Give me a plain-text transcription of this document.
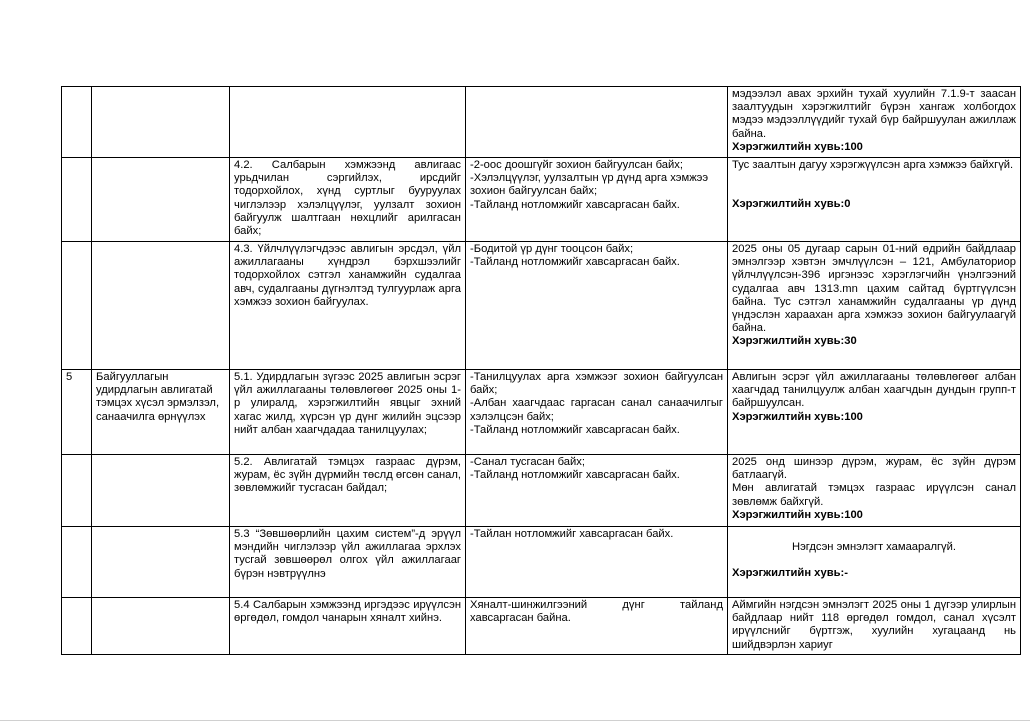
				мэдээлэл авах эрхийн тухай хуулийн 7.1.9-т заасан заалтуудын хэрэгжилтийг бүрэн хангаж холбогдох мэдээ мэдээллүүдийг тухай бүр байршуулан ажиллаж байна.
Хэрэгжилтийн хувь:100

		4.2. Салбарын хэмжээнд авлигаас урьдчилан сэргийлэх, ирсдийг тодорхойлох, хүнд суртлыг бууруулах чиглэлээр хэлэлцүүлэг, уулзалт зохион байгуулж шалтгаан нөхцлийг арилгасан байх;	-2-оос доошгүйг зохион байгуулсан байх;
-Хэлэлцүүлэг, уулзалтын үр дүнд арга хэмжээ зохион байгуулсан байх;
-Тайланд нотломжийг хавсаргасан байх.	Тус заалтын дагуу хэрэгжүүлсэн арга хэмжээ байхгүй.
Хэрэгжилтийн хувь:0

		4.3. Үйлчлүүлэгчдээс авлигын эрсдэл, үйл ажиллагааны хүндрэл бэрхшээлийг тодорхойлох сэтгэл ханамжийн судалгаа авч, судалгааны дүгнэлтэд тулгуурлаж арга хэмжээ зохион байгуулах.	-Бодитой үр дүнг тооцсон байх;
-Тайланд нотломжийг хавсаргасан байх.	2025 оны 05 дугаар сарын 01-ний өдрийн байдлаар эмнэлгээр хэвтэн эмчлүүлсэн – 121, Амбулаториор үйлчлүүлсэн-396 иргэнээс хэрэглэгчийн үнэлгээний судалгаа авч 1313.mn цахим сайтад бүртгүүлсэн байна. Тус сэтгэл ханамжийн судалгааны үр дүнд үндэслэн хараахан арга хэмжээ зохион байгуулаагүй байна.
Хэрэгжилтийн хувь:30

5	Байгууллагын удирдлагын авлигатай тэмцэх хүсэл эрмэлзэл, санаачилга өрнүүлэх	5.1. Удирдлагын зүгээс 2025 авлигын эсрэг үйл ажиллагааны төлөвлөгөөг 2025 оны 1-р улиралд, хэрэгжилтийн явцыг эхний хагас жилд, хүрсэн үр дүнг жилийн эцсээр нийт албан хаагчдадаа танилцуулах;	-Танилцуулах арга хэмжээг зохион байгуулсан байх;
-Албан хаагчдаас гаргасан санал санаачилгыг хэлэлцсэн байх;
-Тайланд нотломжийг хавсаргасан байх.	Авлигын эсрэг үйл ажиллагааны төлөвлөгөөг албан хаагчдад танилцуулж албан хаагчдын дундын групп-т байршуулсан.
Хэрэгжилтийн хувь:100

		5.2. Авлигатай тэмцэх газраас дүрэм, журам, ёс зүйн дүрмийн төслд өгсөн санал, зөвлөмжийг тусгасан байдал;	-Санал тусгасан байх;
-Тайланд нотломжийг хавсаргасан байх.	2025 онд шинээр дүрэм, журам, ёс зүйн дүрэм батлаагүй.
Мөн авлигатай тэмцэх газраас ирүүлсэн санал зөвлөмж байхгүй.
Хэрэгжилтийн хувь:100

		5.3 “Зөвшөөрлийн цахим систем”-д эрүүл мэндийн чиглэлээр үйл ажиллагаа эрхлэх тусгай зөвшөөрөл олгох үйл ажиллагааг бүрэн нэвтрүүлнэ	-Тайлан нотломжийг хавсаргасан байх.	Нэгдсэн эмнэлэгт хамааралгүй.
Хэрэгжилтийн хувь:-

		5.4 Салбарын хэмжээнд иргэдээс ирүүлсэн өргөдөл, гомдол чанарын хяналт хийнэ.	Хяналт-шинжилгээний дүнг тайланд хавсаргасан байна.	Аймгийн нэгдсэн эмнэлэгт 2025 оны 1 дүгээр улирлын байдлаар нийт 118 өргөдөл гомдол, санал хүсэлт ирүүлснийг бүртгэж, хуулийн хугацаанд нь шийдвэрлэн хариуг
